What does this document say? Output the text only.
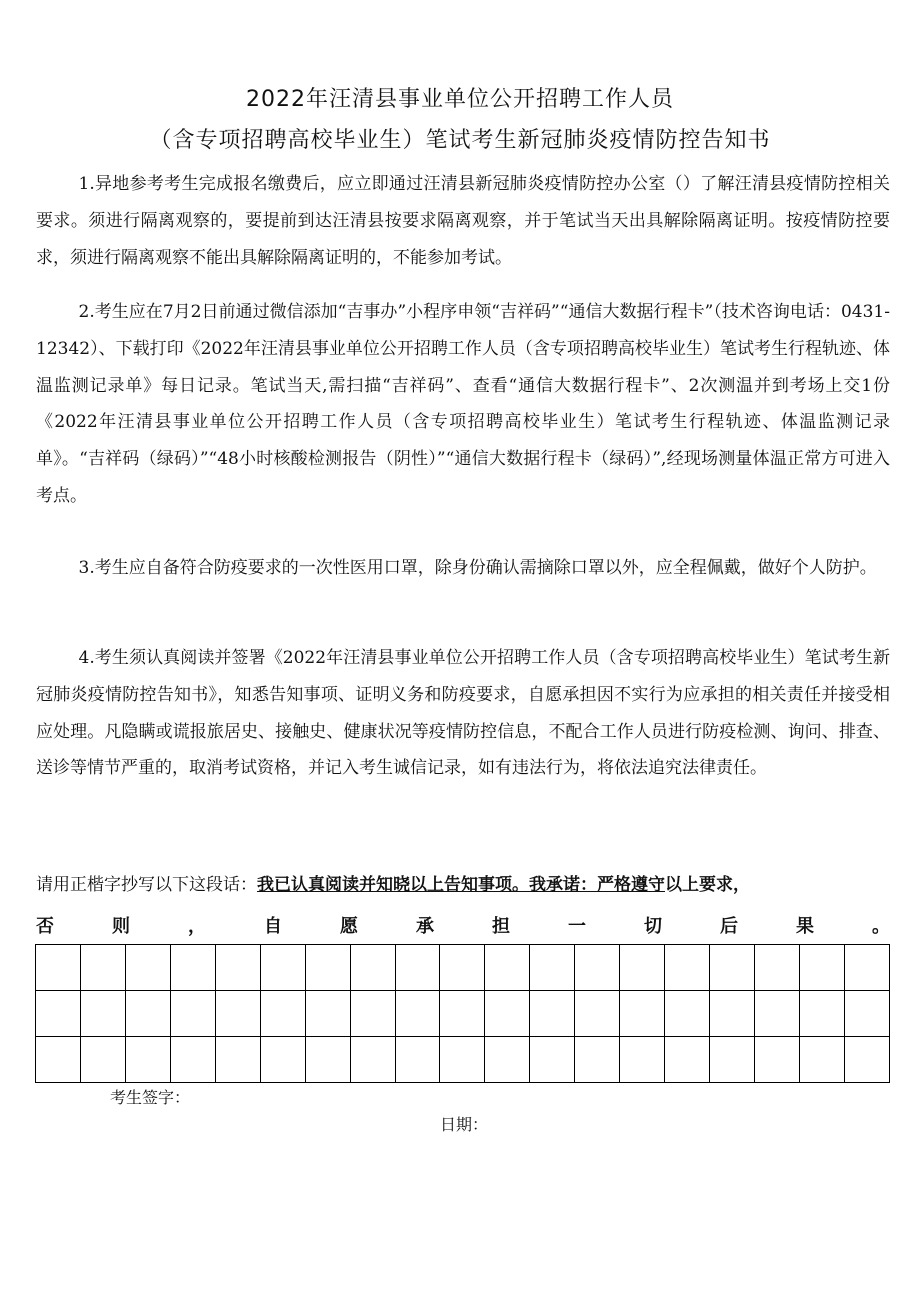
2022年汪清县事业单位公开招聘工作人员
（含专项招聘高校毕业生）笔试考生新冠肺炎疫情防控告知书

1.异地参考考生完成报名缴费后，应立即通过汪清县新冠肺炎疫情防控办公室（）了解汪清县疫情防控相关要求。须进行隔离观察的，要提前到达汪清县按要求隔离观察，并于笔试当天出具解除隔离证明。按疫情防控要求，须进行隔离观察不能出具解除隔离证明的，不能参加考试。

2.考生应在7月2日前通过微信添加“吉事办”小程序申领“吉祥码”“通信大数据行程卡”（技术咨询电话：0431-12342）、下载打印《2022年汪清县事业单位公开招聘工作人员（含专项招聘高校毕业生）笔试考生行程轨迹、体温监测记录单》每日记录。笔试当天,需扫描“吉祥码”、查看“通信大数据行程卡”、2次测温并到考场上交1份《2022年汪清县事业单位公开招聘工作人员（含专项招聘高校毕业生）笔试考生行程轨迹、体温监测记录单》。“吉祥码（绿码）”“48小时核酸检测报告（阴性）”“通信大数据行程卡（绿码）”,经现场测量体温正常方可进入考点。

3.考生应自备符合防疫要求的一次性医用口罩，除身份确认需摘除口罩以外，应全程佩戴，做好个人防护。

4.考生须认真阅读并签署《2022年汪清县事业单位公开招聘工作人员（含专项招聘高校毕业生）笔试考生新冠肺炎疫情防控告知书》，知悉告知事项、证明义务和防疫要求，自愿承担因不实行为应承担的相关责任并接受相应处理。凡隐瞒或谎报旅居史、接触史、健康状况等疫情防控信息，不配合工作人员进行防疫检测、询问、排查、送诊等情节严重的，取消考试资格，并记入考生诚信记录，如有违法行为，将依法追究法律责任。

请用正楷字抄写以下这段话：我已认真阅读并知晓以上告知事项。我承诺：严格遵守以上要求，
否	则	，	自	愿	承	担	一	切	后	果	。

考生签字：
日期：
